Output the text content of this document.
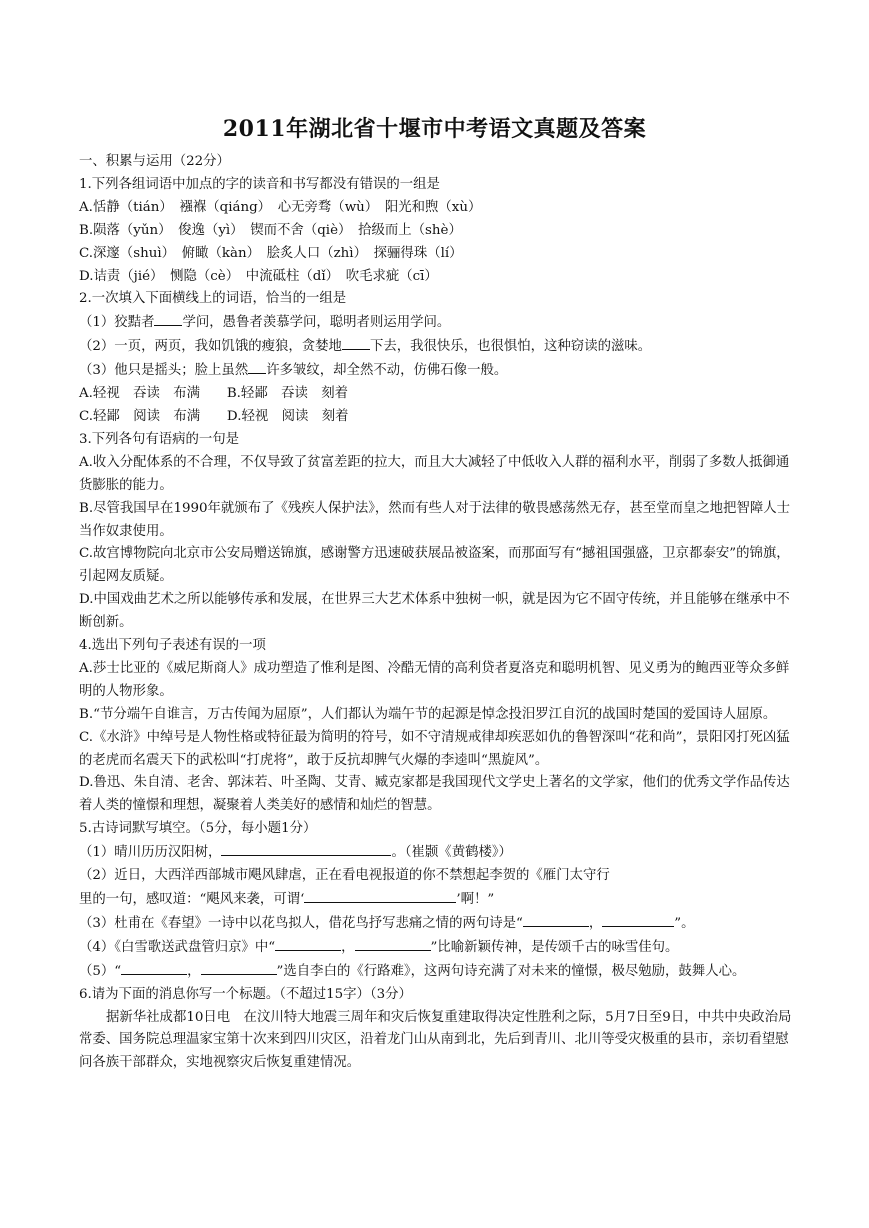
2011年湖北省十堰市中考语文真题及答案

一、积累与运用（22分）

1.下列各组词语中加点的字的读音和书写都没有错误的一组是

A.恬静（tián）　襁褓（qiáng）　心无旁骛（wù）　阳光和煦（xù）

B.陨落（yǔn）　俊逸（yì）　锲而不舍（qiè）　拾级而上（shè）

C.深邃（shuì）　俯瞰（kàn）　脍炙人口（zhì）　探骊得珠（lí）

D.诘责（jié）　恻隐（cè）　中流砥柱（dǐ）　吹毛求疵（cī）

2.一次填入下面横线上的词语，恰当的一组是

（1）狡黠者 学问，愚鲁者羡慕学问，聪明者则运用学问。

（2）一页，两页，我如饥饿的瘦狼，贪婪地 下去，我很快乐，也很惧怕，这种窃读的滋味。

（3）他只是摇头；脸上虽然 许多皱纹，却全然不动，仿佛石像一般。

A.轻视　吞读　布满　　B.轻鄙　吞读　刻着

C.轻鄙　阅读　布满　　D.轻视　阅读　刻着

3.下列各句有语病的一句是

A.收入分配体系的不合理，不仅导致了贫富差距的拉大，而且大大减轻了中低收入人群的福利水平，削弱了多数人抵御通货膨胀的能力。

B.尽管我国早在1990年就颁布了《残疾人保护法》，然而有些人对于法律的敬畏感荡然无存，甚至堂而皇之地把智障人士当作奴隶使用。

C.故宫博物院向北京市公安局赠送锦旗，感谢警方迅速破获展品被盗案，而那面写有“撼祖国强盛，卫京都泰安”的锦旗，引起网友质疑。

D.中国戏曲艺术之所以能够传承和发展，在世界三大艺术体系中独树一帜，就是因为它不固守传统，并且能够在继承中不断创新。

4.选出下列句子表述有误的一项

A.莎士比亚的《威尼斯商人》成功塑造了惟利是图、冷酷无情的高利贷者夏洛克和聪明机智、见义勇为的鲍西亚等众多鲜明的人物形象。

B.“节分端午自谁言，万古传闻为屈原”，人们都认为端午节的起源是悼念投汨罗江自沉的战国时楚国的爱国诗人屈原。

C.《水浒》中绰号是人物性格或特征最为简明的符号，如不守清规戒律却疾恶如仇的鲁智深叫“花和尚”，景阳冈打死凶猛的老虎而名震天下的武松叫“打虎将”，敢于反抗却脾气火爆的李逵叫“黑旋风”。

D.鲁迅、朱自清、老舍、郭沫若、叶圣陶、艾青、臧克家都是我国现代文学史上著名的文学家，他们的优秀文学作品传达着人类的憧憬和理想，凝聚着人类美好的感情和灿烂的智慧。

5.古诗词默写填空。（5分，每小题1分）

（1）晴川历历汉阳树，	。（崔颢《黄鹤楼》）

（2）近日，大西洋西部城市飓风肆虐，正在看电视报道的你不禁想起李贺的《雁门太守行

里的一句，感叹道：“飓风来袭，可谓‘	’啊！”

（3）杜甫在《春望》一诗中以花鸟拟人，借花鸟抒写悲痛之情的两句诗是“	，	”。

（4）《白雪歌送武盘管归京》中“	，	”比喻新颖传神，是传颂千古的咏雪佳句。

（5）“	，	”选自李白的《行路难》，这两句诗充满了对未来的憧憬，极尽勉励，鼓舞人心。

6.请为下面的消息你写一个标题。（不超过15字）（3分）

据新华社成都10日电　在汶川特大地震三周年和灾后恢复重建取得决定性胜利之际，5月7日至9日，中共中央政治局常委、国务院总理温家宝第十次来到四川灾区，沿着龙门山从南到北，先后到青川、北川等受灾极重的县市，亲切看望慰问各族干部群众，实地视察灾后恢复重建情况。
